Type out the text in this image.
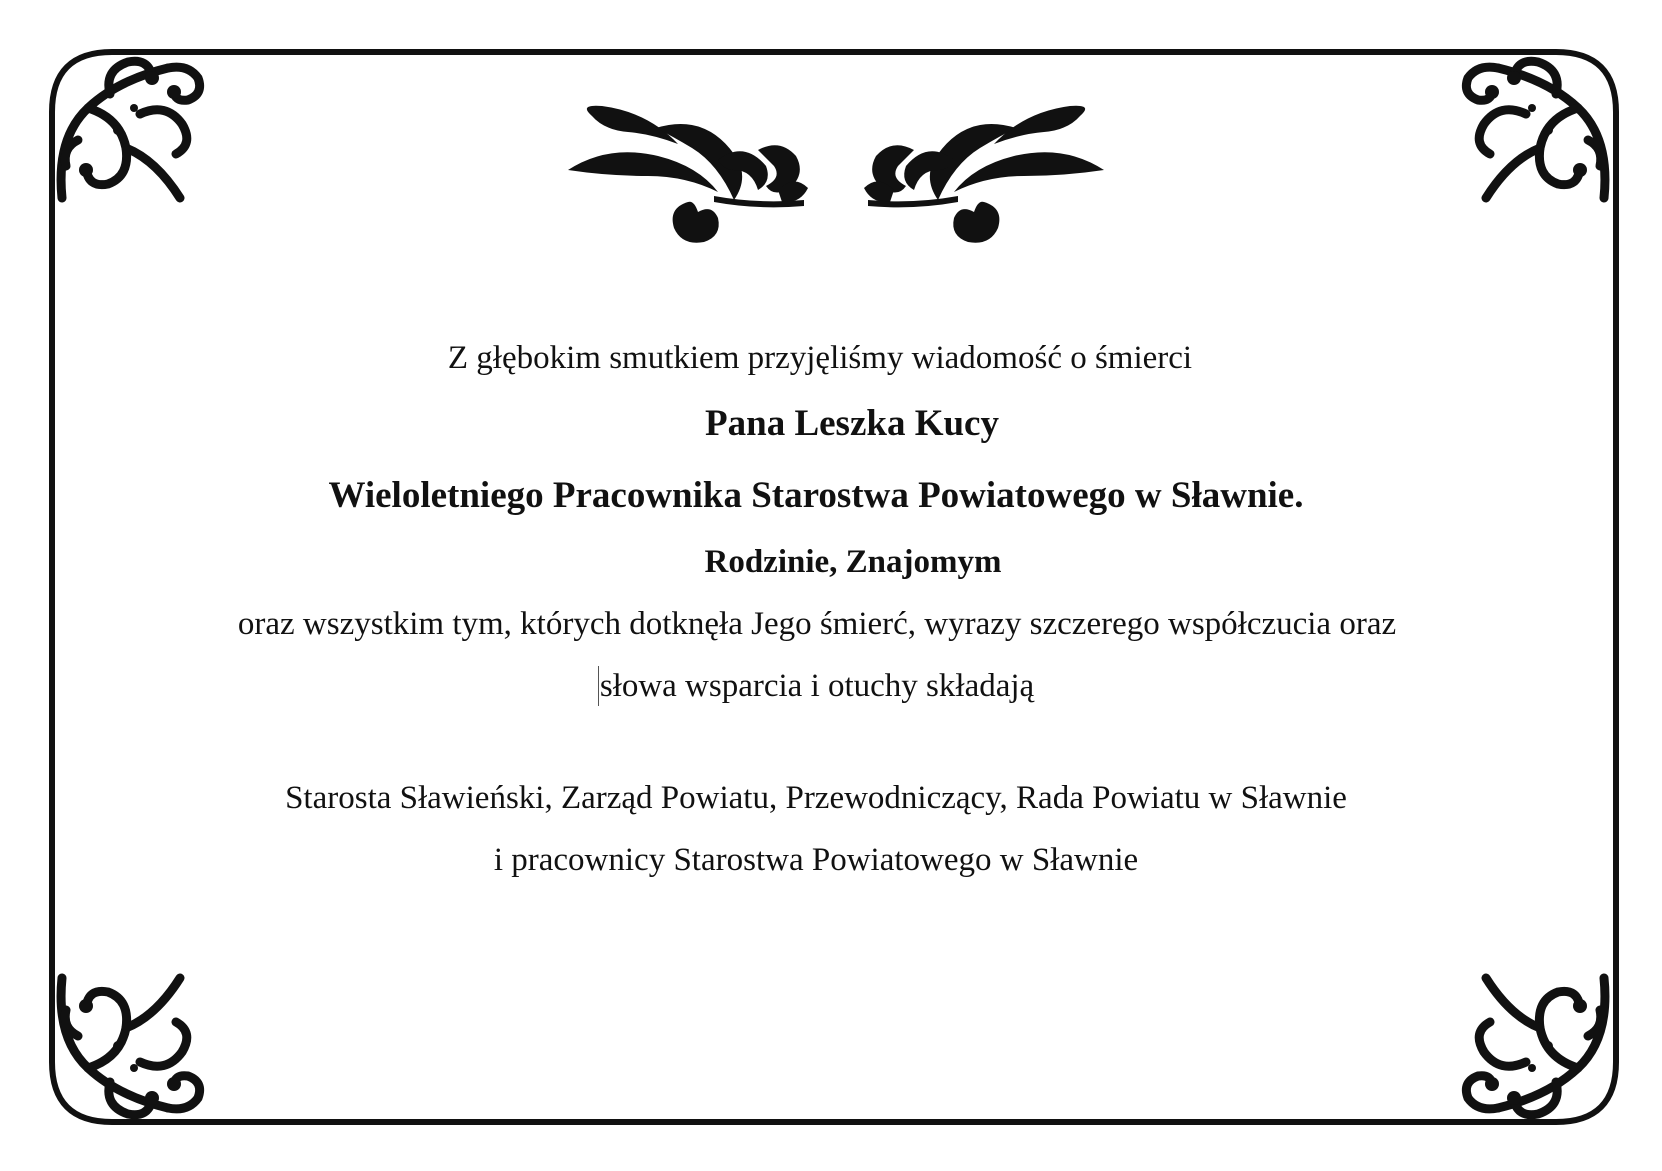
Z głębokim smutkiem przyjęliśmy wiadomość o śmierci
Pana Leszka Kucy
Wieloletniego Pracownika Starostwa Powiatowego w Sławnie.
Rodzinie, Znajomym
oraz wszystkim tym, których dotknęła Jego śmierć, wyrazy szczerego współczucia oraz
słowa wsparcia i otuchy składają
Starosta Sławieński, Zarząd Powiatu, Przewodniczący, Rada Powiatu w Sławnie
i pracownicy Starostwa Powiatowego w Sławnie
